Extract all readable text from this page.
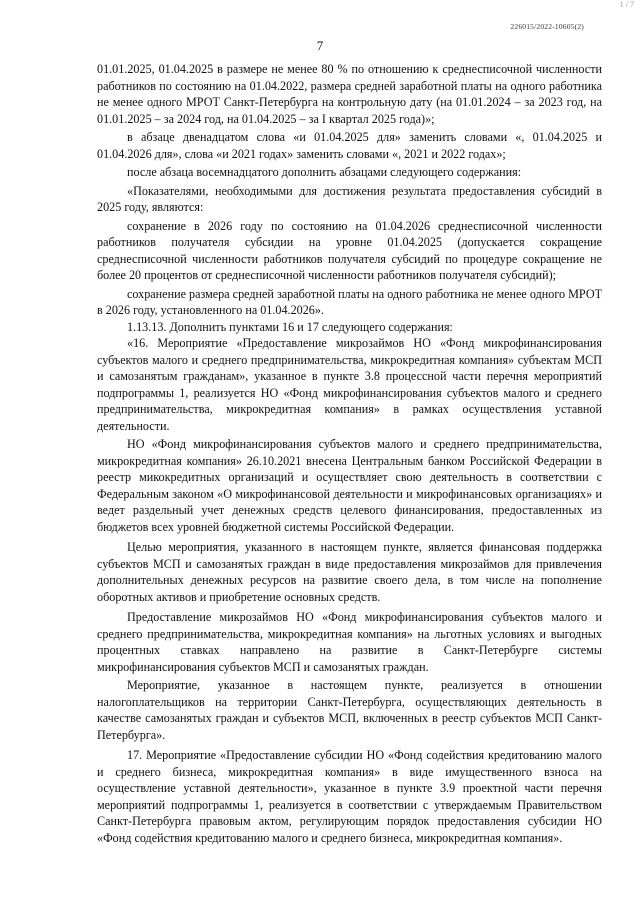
1 / 7
226015/2022-10605(2)
7

01.01.2025, 01.04.2025 в размере не менее 80 % по отношению к среднесписочной численности работников по состоянию на 01.04.2022, размера средней заработной платы на одного работника не менее одного МРОТ Санкт-Петербурга на контрольную дату (на 01.01.2024 – за 2023 год, на 01.01.2025 – за 2024 год, на 01.04.2025 – за I квартал 2025 года)»;

в абзаце двенадцатом слова «и 01.04.2025 для» заменить словами «, 01.04.2025 и 01.04.2026 для», слова «и 2021 годах» заменить словами «, 2021 и 2022 годах»;

после абзаца восемнадцатого дополнить абзацами следующего содержания:

«Показателями, необходимыми для достижения результата предоставления субсидий в 2025 году, являются:

сохранение в 2026 году по состоянию на 01.04.2026 среднесписочной численности работников получателя субсидии на уровне 01.04.2025 (допускается сокращение среднесписочной численности работников получателя субсидий по процедуре сокращение не более 20 процентов от среднесписочной численности работников получателя субсидий);

сохранение размера средней заработной платы на одного работника не менее одного МРОТ в 2026 году, установленного на 01.04.2026».

1.13.13. Дополнить пунктами 16 и 17 следующего содержания:

«16. Мероприятие «Предоставление микрозаймов НО «Фонд микрофинансирования субъектов малого и среднего предпринимательства, микрокредитная компания» субъектам МСП и самозанятым гражданам», указанное в пункте 3.8 процессной части перечня мероприятий подпрограммы 1, реализуется НО «Фонд микрофинансирования субъектов малого и среднего предпринимательства, микрокредитная компания» в рамках осуществления уставной деятельности.

НО «Фонд микрофинансирования субъектов малого и среднего предпринимательства, микрокредитная компания» 26.10.2021 внесена Центральным банком Российской Федерации в реестр микокредитных организаций и осуществляет свою деятельность в соответствии с Федеральным законом «О микрофинансовой деятельности и микрофинансовых организациях» и ведет раздельный учет денежных средств целевого финансирования, предоставленных из бюджетов всех уровней бюджетной системы Российской Федерации.

Целью мероприятия, указанного в настоящем пункте, является финансовая поддержка субъектов МСП и самозанятых граждан в виде предоставления микрозаймов для привлечения дополнительных денежных ресурсов на развитие своего дела, в том числе на пополнение оборотных активов и приобретение основных средств.

Предоставление микрозаймов НО «Фонд микрофинансирования субъектов малого и среднего предпринимательства, микрокредитная компания» на льготных условиях и выгодных процентных ставках направлено на развитие в Санкт-Петербурге системы микрофинансирования субъектов МСП и самозанятых граждан.

Мероприятие, указанное в настоящем пункте, реализуется в отношении налогоплательщиков на территории Санкт-Петербурга, осуществляющих деятельность в качестве самозанятых граждан и субъектов МСП, включенных в реестр субъектов МСП Санкт-Петербурга».

17. Мероприятие «Предоставление субсидии НО «Фонд содействия кредитованию малого и среднего бизнеса, микрокредитная компания» в виде имущественного взноса на осуществление уставной деятельности», указанное в пункте 3.9 проектной части перечня мероприятий подпрограммы 1, реализуется в соответствии с утверждаемым Правительством Санкт-Петербурга правовым актом, регулирующим порядок предоставления субсидии НО «Фонд содействия кредитованию малого и среднего бизнеса, микрокредитная компания».
